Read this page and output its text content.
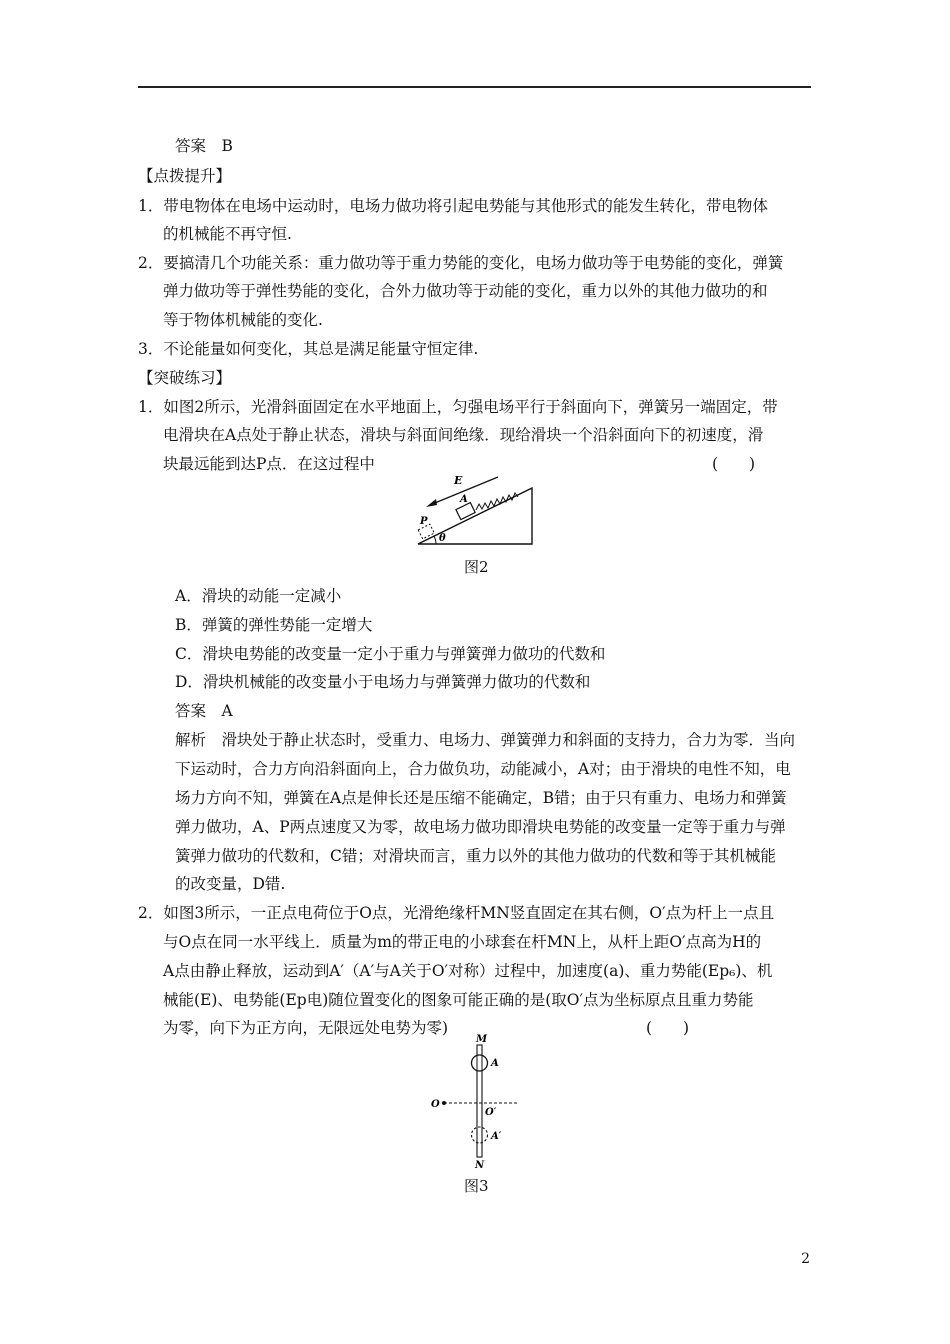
答案　B
【点拨提升】
1．带电物体在电场中运动时，电场力做功将引起电势能与其他形式的能发生转化，带电物体
的机械能不再守恒.
2．要搞清几个功能关系：重力做功等于重力势能的变化，电场力做功等于电势能的变化，弹簧
弹力做功等于弹性势能的变化，合外力做功等于动能的变化，重力以外的其他力做功的和
等于物体机械能的变化.
3．不论能量如何变化，其总是满足能量守恒定律.
【突破练习】
1．如图2所示，光滑斜面固定在水平地面上，匀强电场平行于斜面向下，弹簧另一端固定，带
电滑块在A点处于静止状态，滑块与斜面间绝缘．现给滑块一个沿斜面向下的初速度，滑
块最远能到达P点．在这过程中	(　　)
E
A
P
θ
图2
A．滑块的动能一定减小
B．弹簧的弹性势能一定增大
C．滑块电势能的改变量一定小于重力与弹簧弹力做功的代数和
D．滑块机械能的改变量小于电场力与弹簧弹力做功的代数和
答案　A
解析　滑块处于静止状态时，受重力、电场力、弹簧弹力和斜面的支持力，合力为零．当向
下运动时，合力方向沿斜面向上，合力做负功，动能减小，A对；由于滑块的电性不知，电
场力方向不知，弹簧在A点是伸长还是压缩不能确定，B错；由于只有重力、电场力和弹簧
弹力做功，A、P两点速度又为零，故电场力做功即滑块电势能的改变量一定等于重力与弹
簧弹力做功的代数和，C错；对滑块而言，重力以外的其他力做功的代数和等于其机械能
的改变量，D错.
2．如图3所示，一正点电荷位于O点，光滑绝缘杆MN竖直固定在其右侧，O′点为杆上一点且
与O点在同一水平线上．质量为m的带正电的小球套在杆MN上，从杆上距O′点高为H的
A点由静止释放，运动到A′（A′与A关于O′对称）过程中，加速度(a)、重力势能(Ep₆)、机
械能(E)、电势能(Ep电)随位置变化的图象可能正确的是(取O′点为坐标原点且重力势能
为零，向下为正方向，无限远处电势为零)	(　　)
M
A
O
O′
A′
N
图3
2
